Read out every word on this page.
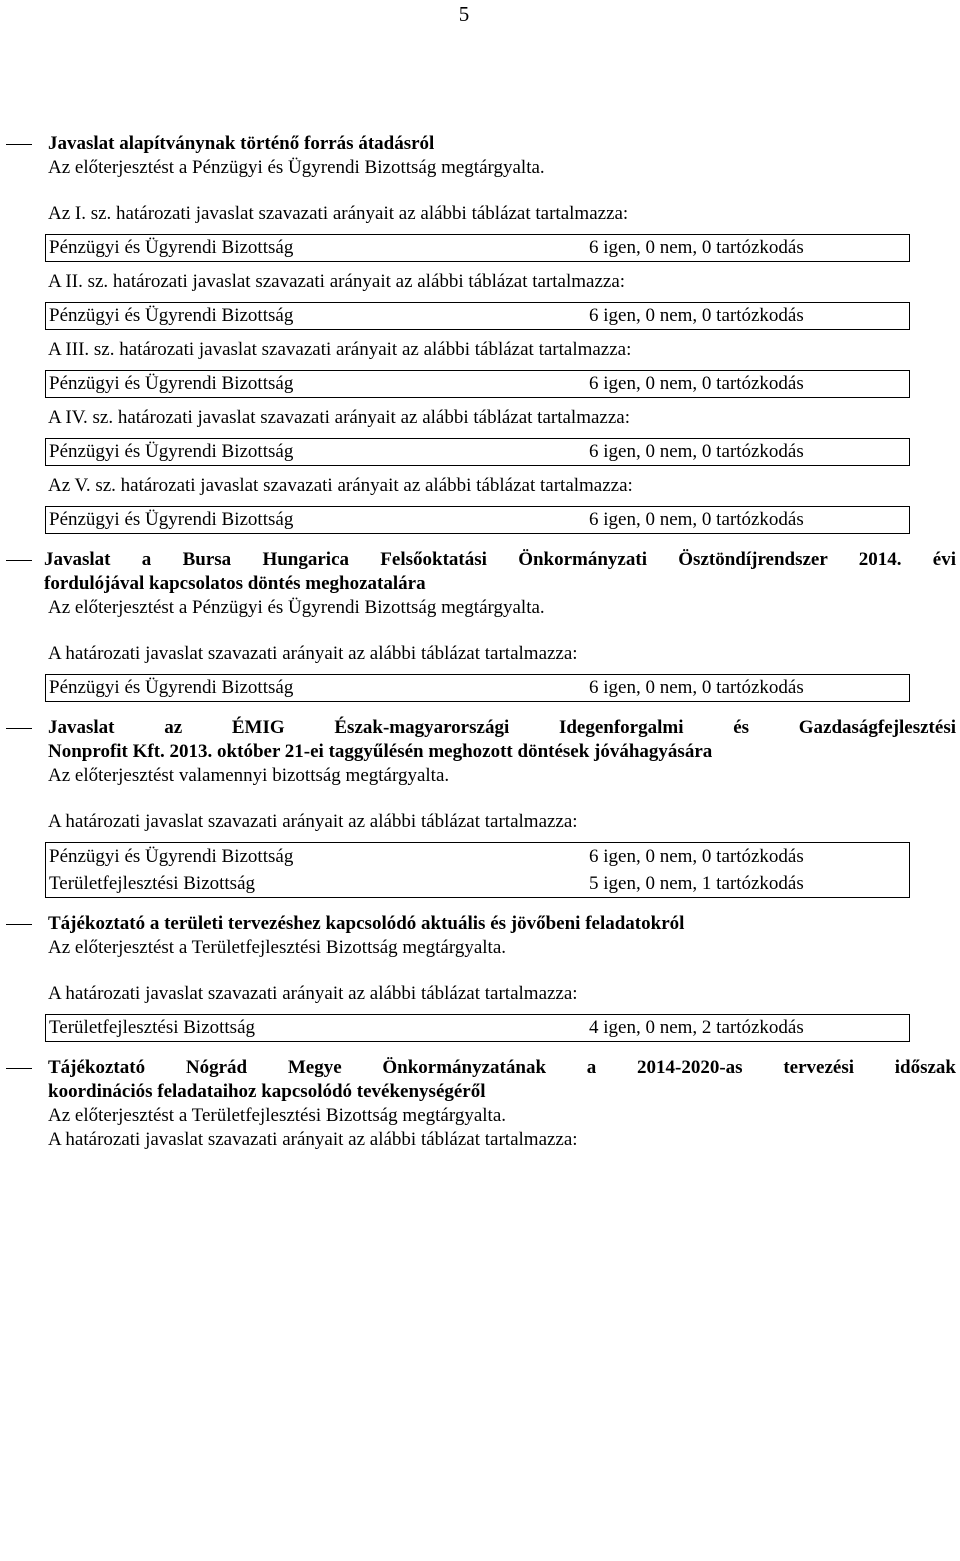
5
Javaslat alapítványnak történő forrás átadásról
Az előterjesztést a Pénzügyi és Ügyrendi Bizottság megtárgyalta.
Az I. sz. határozati javaslat szavazati arányait az alábbi táblázat tartalmazza:
Pénzügyi és Ügyrendi Bizottság	6 igen, 0 nem, 0 tartózkodás
A II. sz. határozati javaslat szavazati arányait az alábbi táblázat tartalmazza:
Pénzügyi és Ügyrendi Bizottság	6 igen, 0 nem, 0 tartózkodás
A III. sz. határozati javaslat szavazati arányait az alábbi táblázat tartalmazza:
Pénzügyi és Ügyrendi Bizottság	6 igen, 0 nem, 0 tartózkodás
A IV. sz. határozati javaslat szavazati arányait az alábbi táblázat tartalmazza:
Pénzügyi és Ügyrendi Bizottság	6 igen, 0 nem, 0 tartózkodás
Az V. sz. határozati javaslat szavazati arányait az alábbi táblázat tartalmazza:
Pénzügyi és Ügyrendi Bizottság	6 igen, 0 nem, 0 tartózkodás
Javaslat a Bursa Hungarica Felsőoktatási Önkormányzati Ösztöndíjrendszer 2014. évi
fordulójával kapcsolatos döntés meghozatalára
Az előterjesztést a Pénzügyi és Ügyrendi Bizottság megtárgyalta.
A határozati javaslat szavazati arányait az alábbi táblázat tartalmazza:
Pénzügyi és Ügyrendi Bizottság	6 igen, 0 nem, 0 tartózkodás
Javaslat az ÉMIG Észak-magyarországi Idegenforgalmi és Gazdaságfejlesztési
Nonprofit Kft. 2013. október 21-ei taggyűlésén meghozott döntések jóváhagyására
Az előterjesztést valamennyi bizottság megtárgyalta.
A határozati javaslat szavazati arányait az alábbi táblázat tartalmazza:
Pénzügyi és Ügyrendi Bizottság	6 igen, 0 nem, 0 tartózkodás
Területfejlesztési Bizottság	5 igen, 0 nem, 1 tartózkodás
Tájékoztató a területi tervezéshez kapcsolódó aktuális és jövőbeni feladatokról
Az előterjesztést a Területfejlesztési Bizottság megtárgyalta.
A határozati javaslat szavazati arányait az alábbi táblázat tartalmazza:
Területfejlesztési Bizottság	4 igen, 0 nem, 2 tartózkodás
Tájékoztató Nógrád Megye Önkormányzatának a 2014-2020-as tervezési időszak
koordinációs feladataihoz kapcsolódó tevékenységéről
Az előterjesztést a Területfejlesztési Bizottság megtárgyalta.
A határozati javaslat szavazati arányait az alábbi táblázat tartalmazza:
